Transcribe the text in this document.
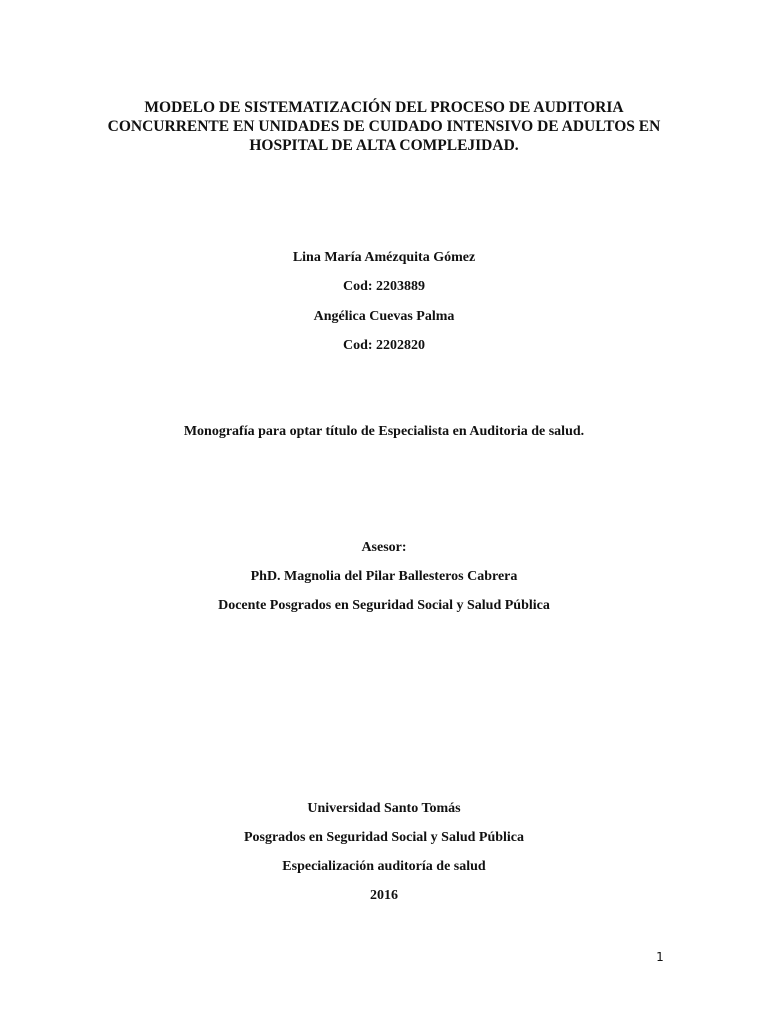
MODELO DE SISTEMATIZACIÓN DEL PROCESO DE AUDITORIA
CONCURRENTE EN UNIDADES DE CUIDADO INTENSIVO DE ADULTOS EN
HOSPITAL DE ALTA COMPLEJIDAD.
Lina María Amézquita Gómez
Cod: 2203889
Angélica Cuevas Palma
Cod: 2202820
Monografía para optar título de Especialista en Auditoria de salud.
Asesor:
PhD. Magnolia del Pilar Ballesteros Cabrera
Docente Posgrados en Seguridad Social y Salud Pública
Universidad Santo Tomás
Posgrados en Seguridad Social y Salud Pública
Especialización auditoría de salud
2016
1
